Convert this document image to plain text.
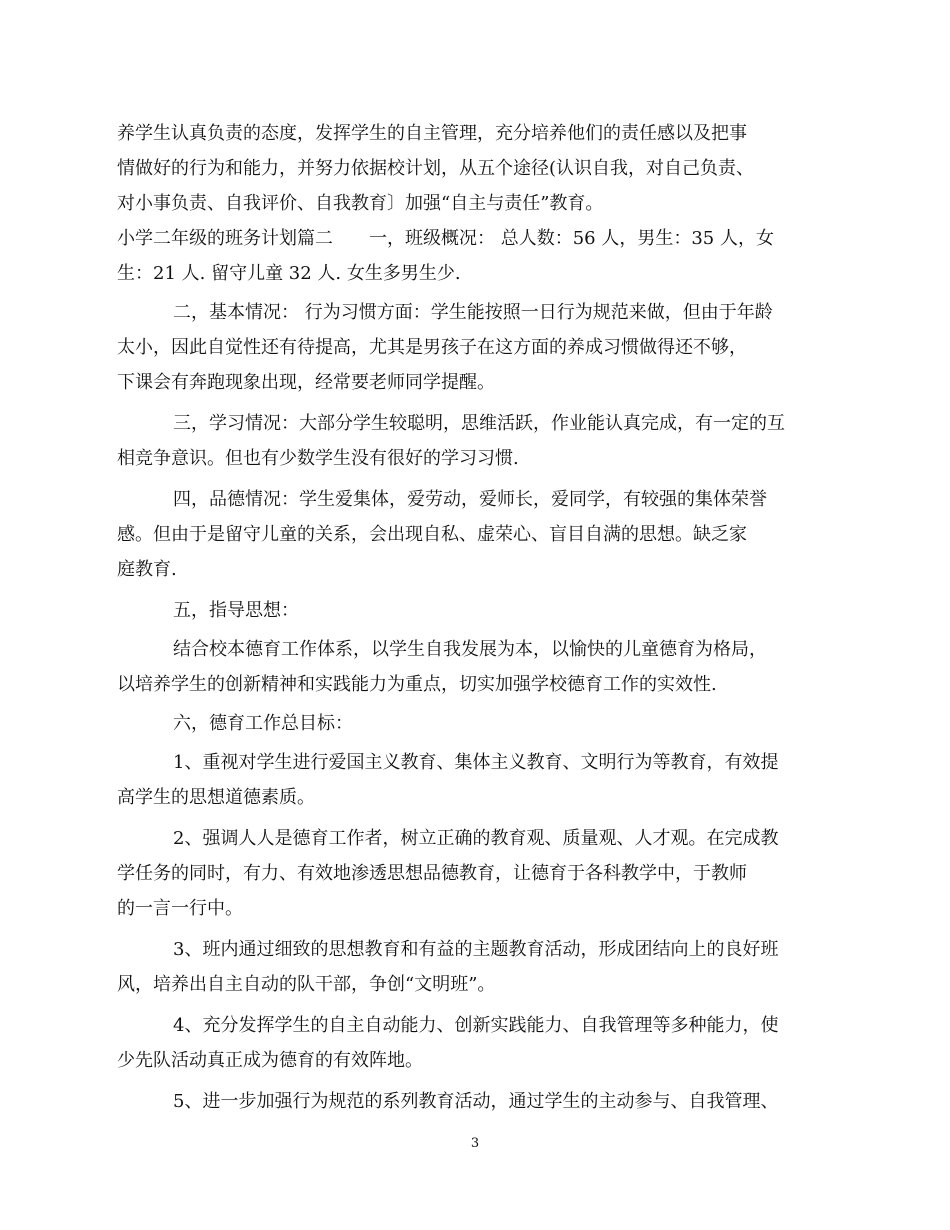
养学生认真负责的态度，发挥学生的自主管理，充分培养他们的责任感以及把事

情做好的行为和能力，并努力依据校计划，从五个途径(认识自我，对自己负责、

对小事负责、自我评价、自我教育〕加强“自主与责任”教育。

小学二年级的班务计划篇二　　一，班级概况： 总人数：56 人，男生：35 人，女

生：21 人. 留守儿童 32 人. 女生多男生少.

二，基本情况： 行为习惯方面：学生能按照一日行为规范来做，但由于年龄

太小，因此自觉性还有待提高，尤其是男孩子在这方面的养成习惯做得还不够，

下课会有奔跑现象出现，经常要老师同学提醒。

三，学习情况：大部分学生较聪明，思维活跃，作业能认真完成，有一定的互

相竞争意识。但也有少数学生没有很好的学习习惯.

四，品德情况：学生爱集体，爱劳动，爱师长，爱同学，有较强的集体荣誉

感。但由于是留守儿童的关系，会出现自私、虚荣心、盲目自满的思想。缺乏家

庭教育.

五，指导思想：

结合校本德育工作体系，以学生自我发展为本，以愉快的儿童德育为格局，

以培养学生的创新精神和实践能力为重点，切实加强学校德育工作的实效性.

六，德育工作总目标：

1、重视对学生进行爱国主义教育、集体主义教育、文明行为等教育，有效提

高学生的思想道德素质。

2、强调人人是德育工作者，树立正确的教育观、质量观、人才观。在完成教

学任务的同时，有力、有效地渗透思想品德教育，让德育于各科教学中，于教师

的一言一行中。

3、班内通过细致的思想教育和有益的主题教育活动，形成团结向上的良好班

风，培养出自主自动的队干部，争创“文明班”。

4、充分发挥学生的自主自动能力、创新实践能力、自我管理等多种能力，使

少先队活动真正成为德育的有效阵地。

5、进一步加强行为规范的系列教育活动，通过学生的主动参与、自我管理、

3
